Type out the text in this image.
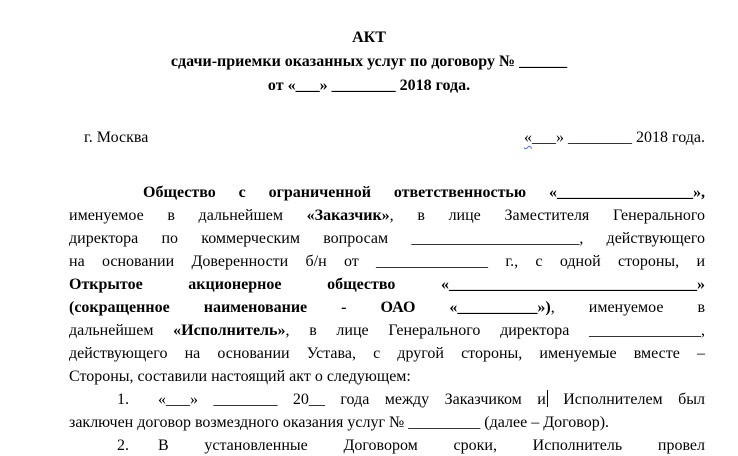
АКТ
сдачи-приемки оказанных услуг по договору № ______
от «___» ________ 2018 года.
г. Москва	«___» ________ 2018 года.
Общество с ограниченной ответственностью «_________________»,
именуемое в дальнейшем «Заказчик», в лице Заместителя Генерального
директора по коммерческим вопросам _____________________, действующего
на основании Доверенности б/н от ______________ г., с одной стороны, и
Открытое акционерное общество «_______________________________»
(сокращенное наименование - ОАО «__________»), именуемое в
дальнейшем «Исполнитель», в лице Генерального директора ______________,
действующего на основании Устава, с другой стороны, именуемые вместе –
Стороны, составили настоящий акт о следующем:
1. «___» ________ 20__ года между Заказчиком и Исполнителем был
заключен договор возмездного оказания услуг № _________ (далее – Договор).
2. В установленные Договором сроки, Исполнитель провел
